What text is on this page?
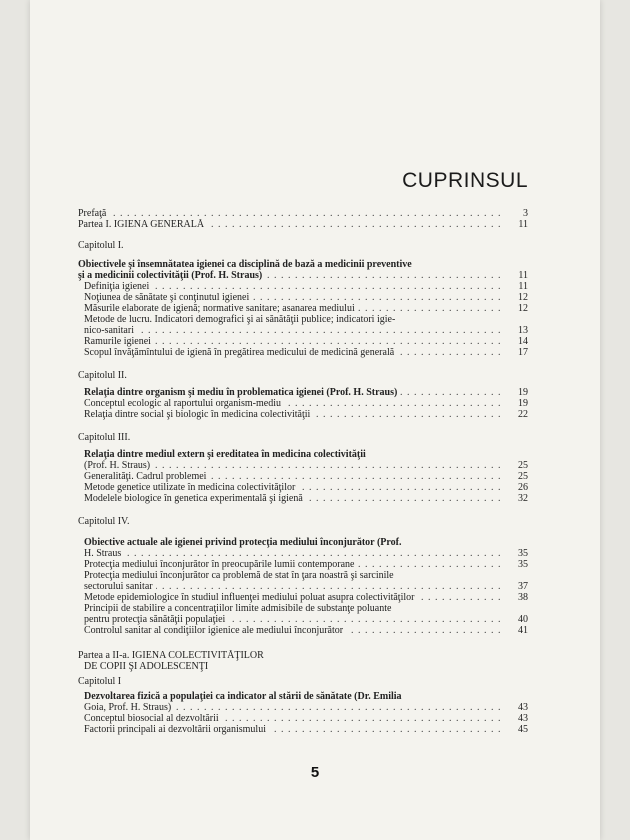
CUPRINSUL
. . . Prefaţă	3
. . . Partea I. IGIENA GENERALĂ	11
Capitolul I.
Obiectivele şi însemnătatea igienei ca disciplină de bază a medicinii preventive
. . . şi a medicinii colectivităţii (Prof. H. Straus)	11
. . . Definiţia igienei	11
. . . Noţiunea de sănătate şi conţinutul igienei	12
. . . Măsurile elaborate de igienă; normative sanitare; asanarea mediului	12
Metode de lucru. Indicatori demografici şi ai sănătăţii publice; indicatori igie-
. . . nico-sanitari	13
. . . Ramurile igienei	14
. . . Scopul învăţămîntului de igienă în pregătirea medicului de medicină generală	17
Capitolul II.
. . . Relaţia dintre organism şi mediu în problematica igienei (Prof. H. Straus)	19
. . . Conceptul ecologic al raportului organism-mediu	19
. . . Relaţia dintre social şi biologic în medicina colectivităţii	22
Capitolul III.
Relaţia dintre mediul extern şi ereditatea în medicina colectivităţii
. . . (Prof. H. Straus)	25
. . . Generalităţi. Cadrul problemei	25
. . . Metode genetice utilizate în medicina colectivităţilor	26
. . . Modelele biologice în genetica experimentală şi igienă	32
Capitolul IV.
Obiective actuale ale igienei privind protecţia mediului înconjurător (Prof.
. . . H. Straus	35
. . . Protecţia mediului înconjurător în preocupările lumii contemporane	35
Protecţia mediului înconjurător ca problemă de stat în ţara noastră şi sarcinile
. . . sectorului sanitar	37
. . . Metode epidemiologice în studiul influenţei mediului poluat asupra colectivităţilor	38
Principii de stabilire a concentraţiilor limite admisibile de substanţe poluante
. . . pentru protecţia sănătăţii populaţiei	40
. . . Controlul sanitar al condiţiilor igienice ale mediului înconjurător	41
Partea a II-a. IGIENA COLECTIVITĂŢILOR
DE COPII ŞI ADOLESCENŢI
Capitolul I
Dezvoltarea fizică a populaţiei ca indicator al stării de sănătate (Dr. Emilia
. . . Goia, Prof. H. Straus)	43
. . . Conceptul biosocial al dezvoltării	43
. . . Factorii principali ai dezvoltării organismului	45
5
